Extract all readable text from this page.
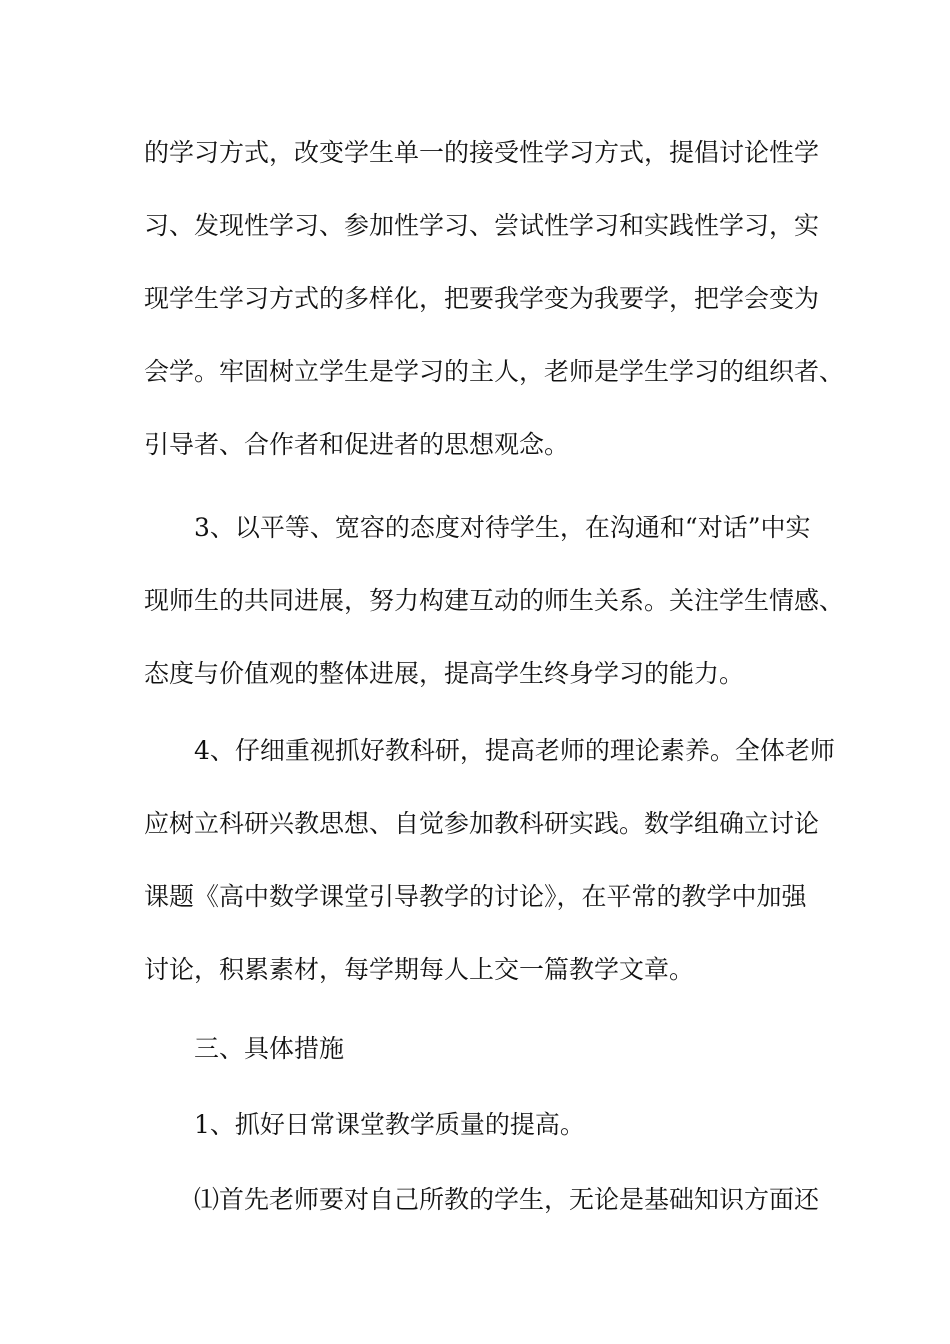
的学习方式，改变学生单一的接受性学习方式，提倡讨论性学
习、发现性学习、参加性学习、尝试性学习和实践性学习，实
现学生学习方式的多样化，把要我学变为我要学，把学会变为
会学。牢固树立学生是学习的主人，老师是学生学习的组织者、
引导者、合作者和促进者的思想观念。
3、以平等、宽容的态度对待学生，在沟通和“对话”中实
现师生的共同进展，努力构建互动的师生关系。关注学生情感、
态度与价值观的整体进展，提高学生终身学习的能力。
4、仔细重视抓好教科研，提高老师的理论素养。全体老师
应树立科研兴教思想、自觉参加教科研实践。数学组确立讨论
课题《高中数学课堂引导教学的讨论》，在平常的教学中加强
讨论，积累素材，每学期每人上交一篇教学文章。
三、具体措施
1、抓好日常课堂教学质量的提高。
⑴首先老师要对自己所教的学生，无论是基础知识方面还
